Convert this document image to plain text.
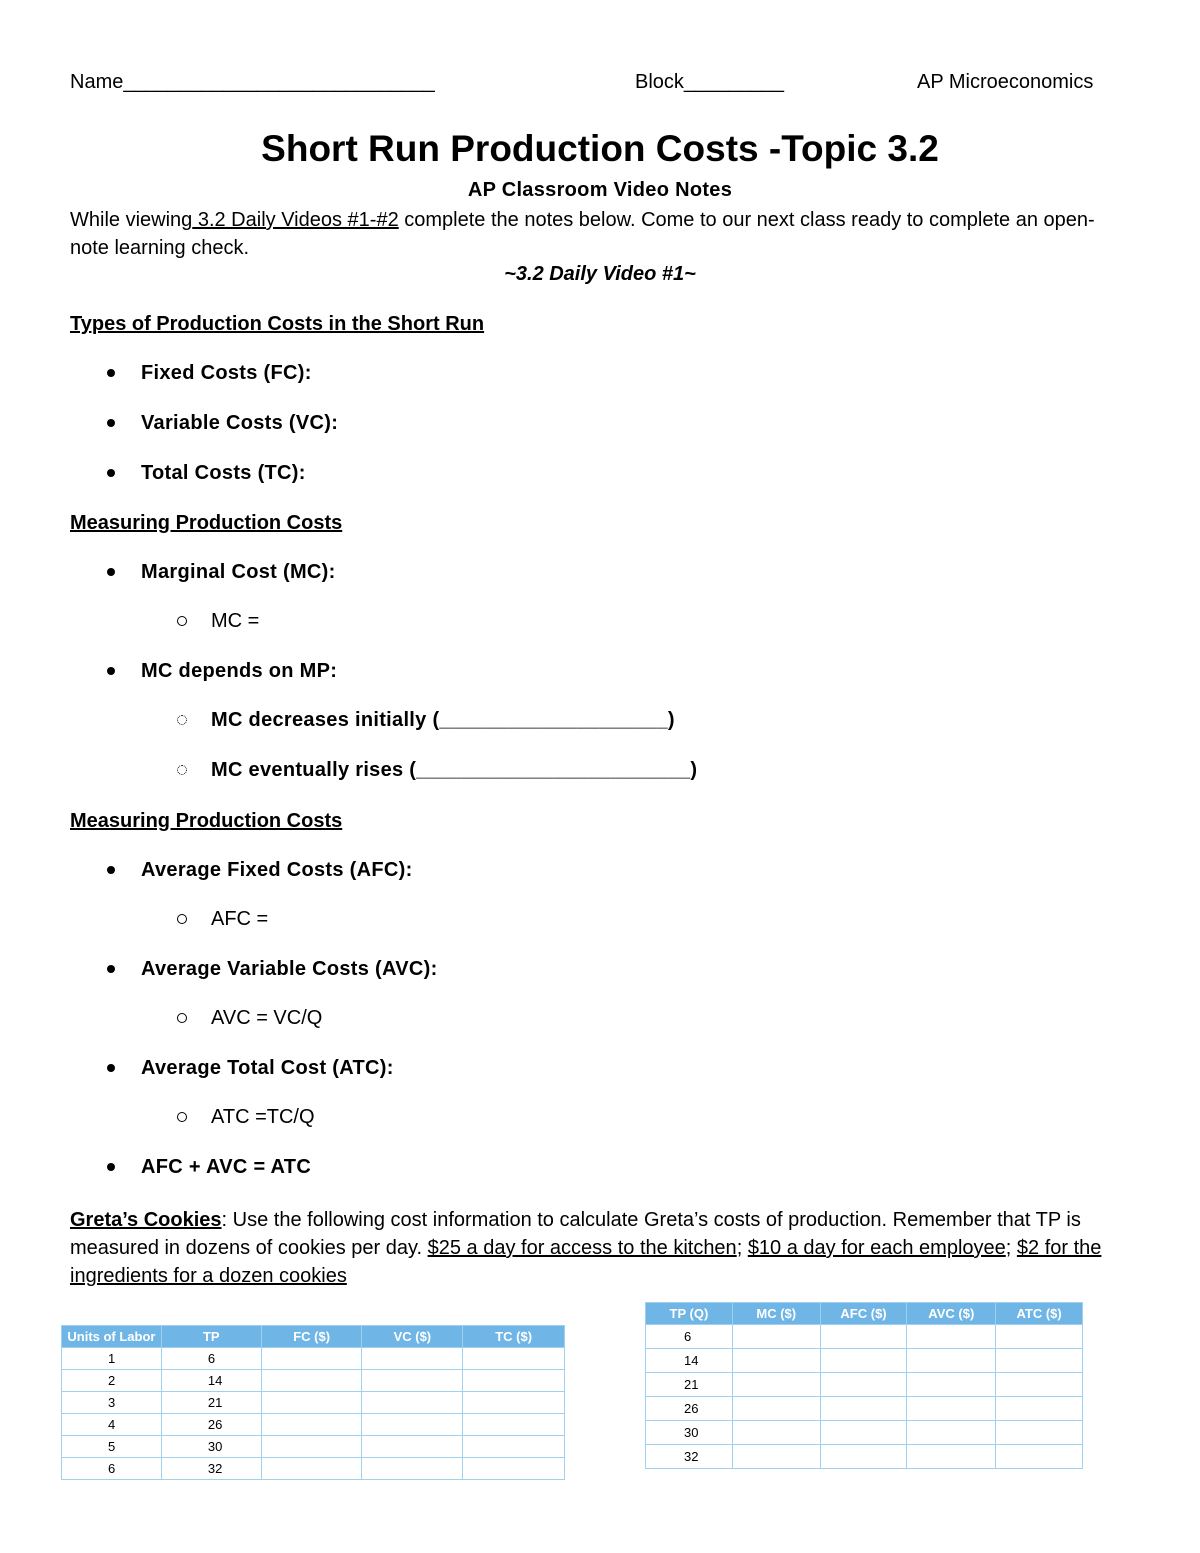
Name____________________________	Block_________	AP Microeconomics
Short Run Production Costs -Topic 3.2
AP Classroom Video Notes
While viewing 3.2 Daily Videos #1-#2 complete the notes below. Come to our next class ready to complete an open-note learning check.
~3.2 Daily Video #1~
Types of Production Costs in the Short Run
Fixed Costs (FC):
Variable Costs (VC):
Total Costs (TC):
Measuring Production Costs
Marginal Cost (MC):
MC =
MC depends on MP:
MC decreases initially (____________________)
MC eventually rises (________________________)
Measuring Production Costs
Average Fixed Costs (AFC):
AFC =
Average Variable Costs (AVC):
AVC = VC/Q
Average Total Cost (ATC):
ATC =TC/Q
AFC + AVC = ATC
Greta’s Cookies: Use the following cost information to calculate Greta’s costs of production. Remember that TP is measured in dozens of cookies per day. $25 a day for access to the kitchen; $10 a day for each employee; $2 for the ingredients for a dozen cookies
Units of Labor	TP	FC ($)	VC ($)	TC ($)
1	6			
2	14			
3	21			
4	26			
5	30			
6	32			
TP (Q)	MC ($)	AFC ($)	AVC ($)	ATC ($)
6				
14				
21				
26				
30				
32				
